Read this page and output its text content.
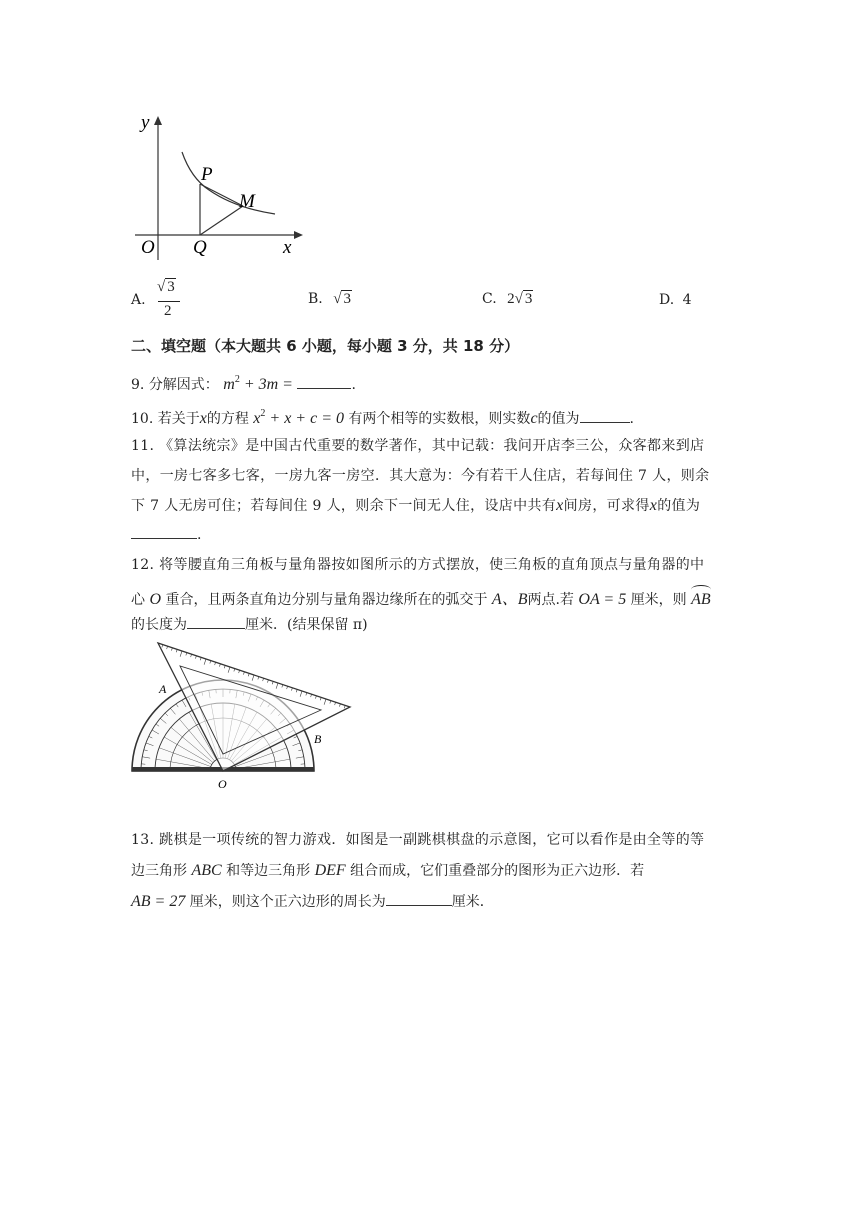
y
x
O
P
Q
M
A.
√ 3
2
B. √ 3	C. 2√ 3	D. 4
二、填空题（本大题共 6 小题，每小题 3 分，共 18 分）
9. 分解因式： $m^2 + 3m$ =	.
10. 若关于x的方程 $x^2 + x + c = 0$ 有两个相等的实数根，则实数c的值为	.
11. 《算法统宗》是中国古代重要的数学著作，其中记载：我问开店李三公，众客都来到店
中，一房七客多七客，一房九客一房空．其大意为：今有若干人住店，若每间住 7 人，则余
下 7 人无房可住；若每间住 9 人，则余下一间无人住，设店中共有x间房，可求得x的值为
.
12. 将等腰直角三角板与量角器按如图所示的方式摆放，使三角板的直角顶点与量角器的中
心 O 重合，且两条直角边分别与量角器边缘所在的弧交于 A、B两点.若 OA = 5 厘米，则 AB
的长度为	厘米．(结果保留 π)
A
B
O
13. 跳棋是一项传统的智力游戏．如图是一副跳棋棋盘的示意图，它可以看作是由全等的等
边三角形 ABC 和等边三角形 DEF 组合而成，它们重叠部分的图形为正六边形．若
AB = 27 厘米，则这个正六边形的周长为	厘米．
